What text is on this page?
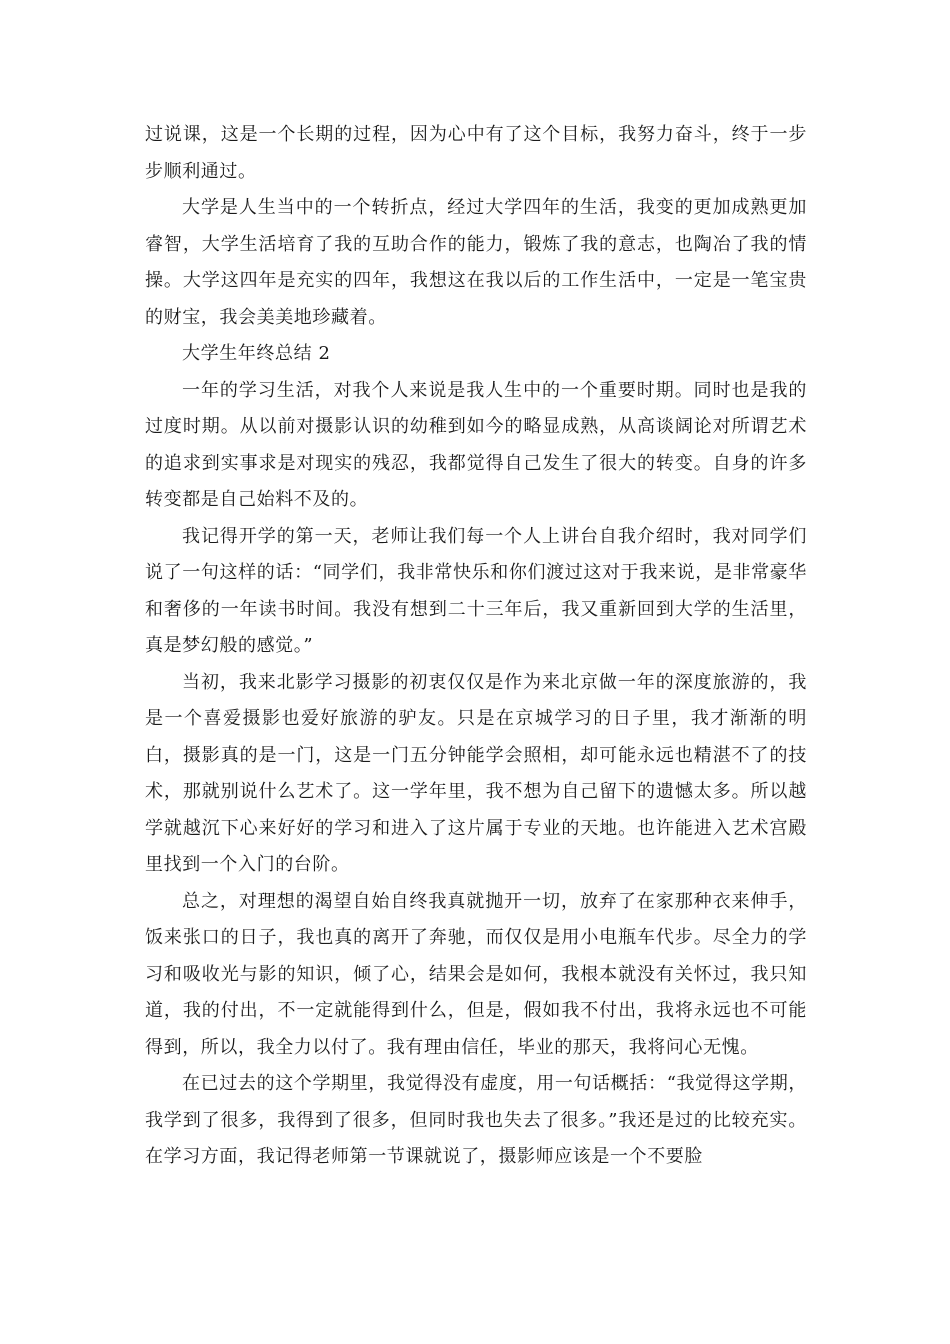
过说课，这是一个长期的过程，因为心中有了这个目标，我努力奋斗，终于一步步顺利通过。

大学是人生当中的一个转折点，经过大学四年的生活，我变的更加成熟更加睿智，大学生活培育了我的互助合作的能力，锻炼了我的意志，也陶冶了我的情操。大学这四年是充实的四年，我想这在我以后的工作生活中，一定是一笔宝贵的财宝，我会美美地珍藏着。

大学生年终总结 2

一年的学习生活，对我个人来说是我人生中的一个重要时期。同时也是我的过度时期。从以前对摄影认识的幼稚到如今的略显成熟，从高谈阔论对所谓艺术的追求到实事求是对现实的残忍，我都觉得自己发生了很大的转变。自身的许多转变都是自己始料不及的。

我记得开学的第一天，老师让我们每一个人上讲台自我介绍时，我对同学们说了一句这样的话：“同学们，我非常快乐和你们渡过这对于我来说，是非常豪华和奢侈的一年读书时间。我没有想到二十三年后，我又重新回到大学的生活里，真是梦幻般的感觉。”

当初，我来北影学习摄影的初衷仅仅是作为来北京做一年的深度旅游的，我是一个喜爱摄影也爱好旅游的驴友。只是在京城学习的日子里，我才渐渐的明白，摄影真的是一门，这是一门五分钟能学会照相，却可能永远也精湛不了的技术，那就别说什么艺术了。这一学年里，我不想为自己留下的遗憾太多。所以越学就越沉下心来好好的学习和进入了这片属于专业的天地。也许能进入艺术宫殿里找到一个入门的台阶。

总之，对理想的渴望自始自终我真就抛开一切，放弃了在家那种衣来伸手，饭来张口的日子，我也真的离开了奔驰，而仅仅是用小电瓶车代步。尽全力的学习和吸收光与影的知识，倾了心，结果会是如何，我根本就没有关怀过，我只知道，我的付出，不一定就能得到什么，但是，假如我不付出，我将永远也不可能得到，所以，我全力以付了。我有理由信任，毕业的那天，我将问心无愧。

在已过去的这个学期里，我觉得没有虚度，用一句话概括：“我觉得这学期，我学到了很多，我得到了很多，但同时我也失去了很多。”我还是过的比较充实。在学习方面，我记得老师第一节课就说了，摄影师应该是一个不要脸
